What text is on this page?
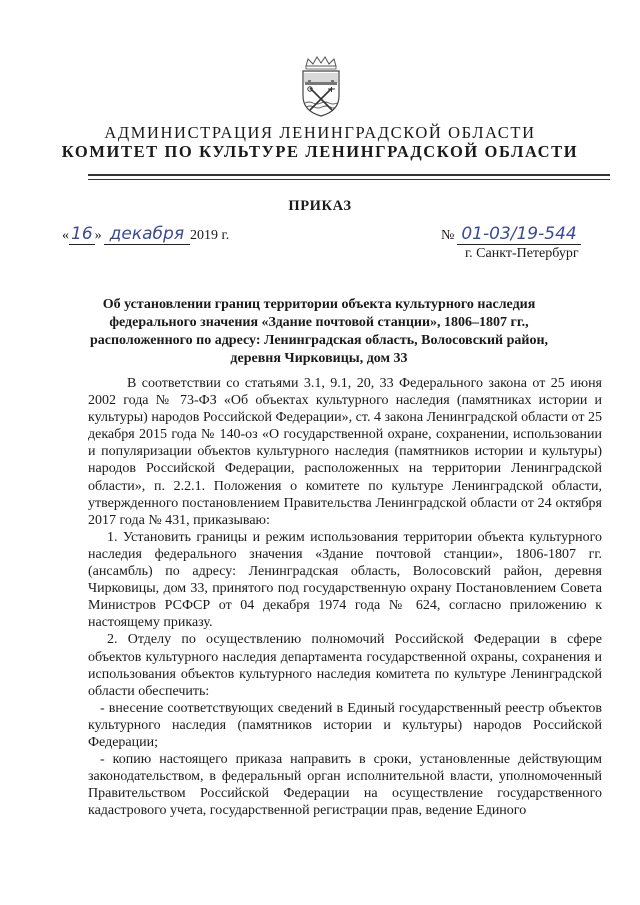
АДМИНИСТРАЦИЯ ЛЕНИНГРАДСКОЙ ОБЛАСТИ
КОМИТЕТ ПО КУЛЬТУРЕ ЛЕНИНГРАДСКОЙ ОБЛАСТИ
ПРИКАЗ
« 16 » декабря 2019 г.	№ 01-03/19-544
г. Санкт-Петербург
Об установлении границ территории объекта культурного наследия федерального значения «Здание почтовой станции», 1806–1807 гг., расположенного по адресу: Ленинградская область, Волосовский район, деревня Чирковицы, дом 33

В соответствии со статьями 3.1, 9.1, 20, 33 Федерального закона от 25 июня 2002 года № 73-ФЗ «Об объектах культурного наследия (памятниках истории и культуры) народов Российской Федерации», ст. 4 закона Ленинградской области от 25 декабря 2015 года № 140-оз «О государственной охране, сохранении, использовании и популяризации объектов культурного наследия (памятников истории и культуры) народов Российской Федерации, расположенных на территории Ленинградской области», п. 2.2.1. Положения о комитете по культуре Ленинградской области, утвержденного постановлением Правительства Ленинградской области от 24 октября 2017 года № 431, приказываю:

1. Установить границы и режим использования территории объекта культурного наследия федерального значения «Здание почтовой станции», 1806-1807 гг. (ансамбль) по адресу: Ленинградская область, Волосовский район, деревня Чирковицы, дом 33, принятого под государственную охрану Постановлением Совета Министров РСФСР от 04 декабря 1974 года № 624, согласно приложению к настоящему приказу.

2. Отделу по осуществлению полномочий Российской Федерации в сфере объектов культурного наследия департамента государственной охраны, сохранения и использования объектов культурного наследия комитета по культуре Ленинградской области обеспечить:

- внесение соответствующих сведений в Единый государственный реестр объектов культурного наследия (памятников истории и культуры) народов Российской Федерации;

- копию настоящего приказа направить в сроки, установленные действующим законодательством, в федеральный орган исполнительной власти, уполномоченный Правительством Российской Федерации на осуществление государственного кадастрового учета, государственной регистрации прав, ведение Единого
